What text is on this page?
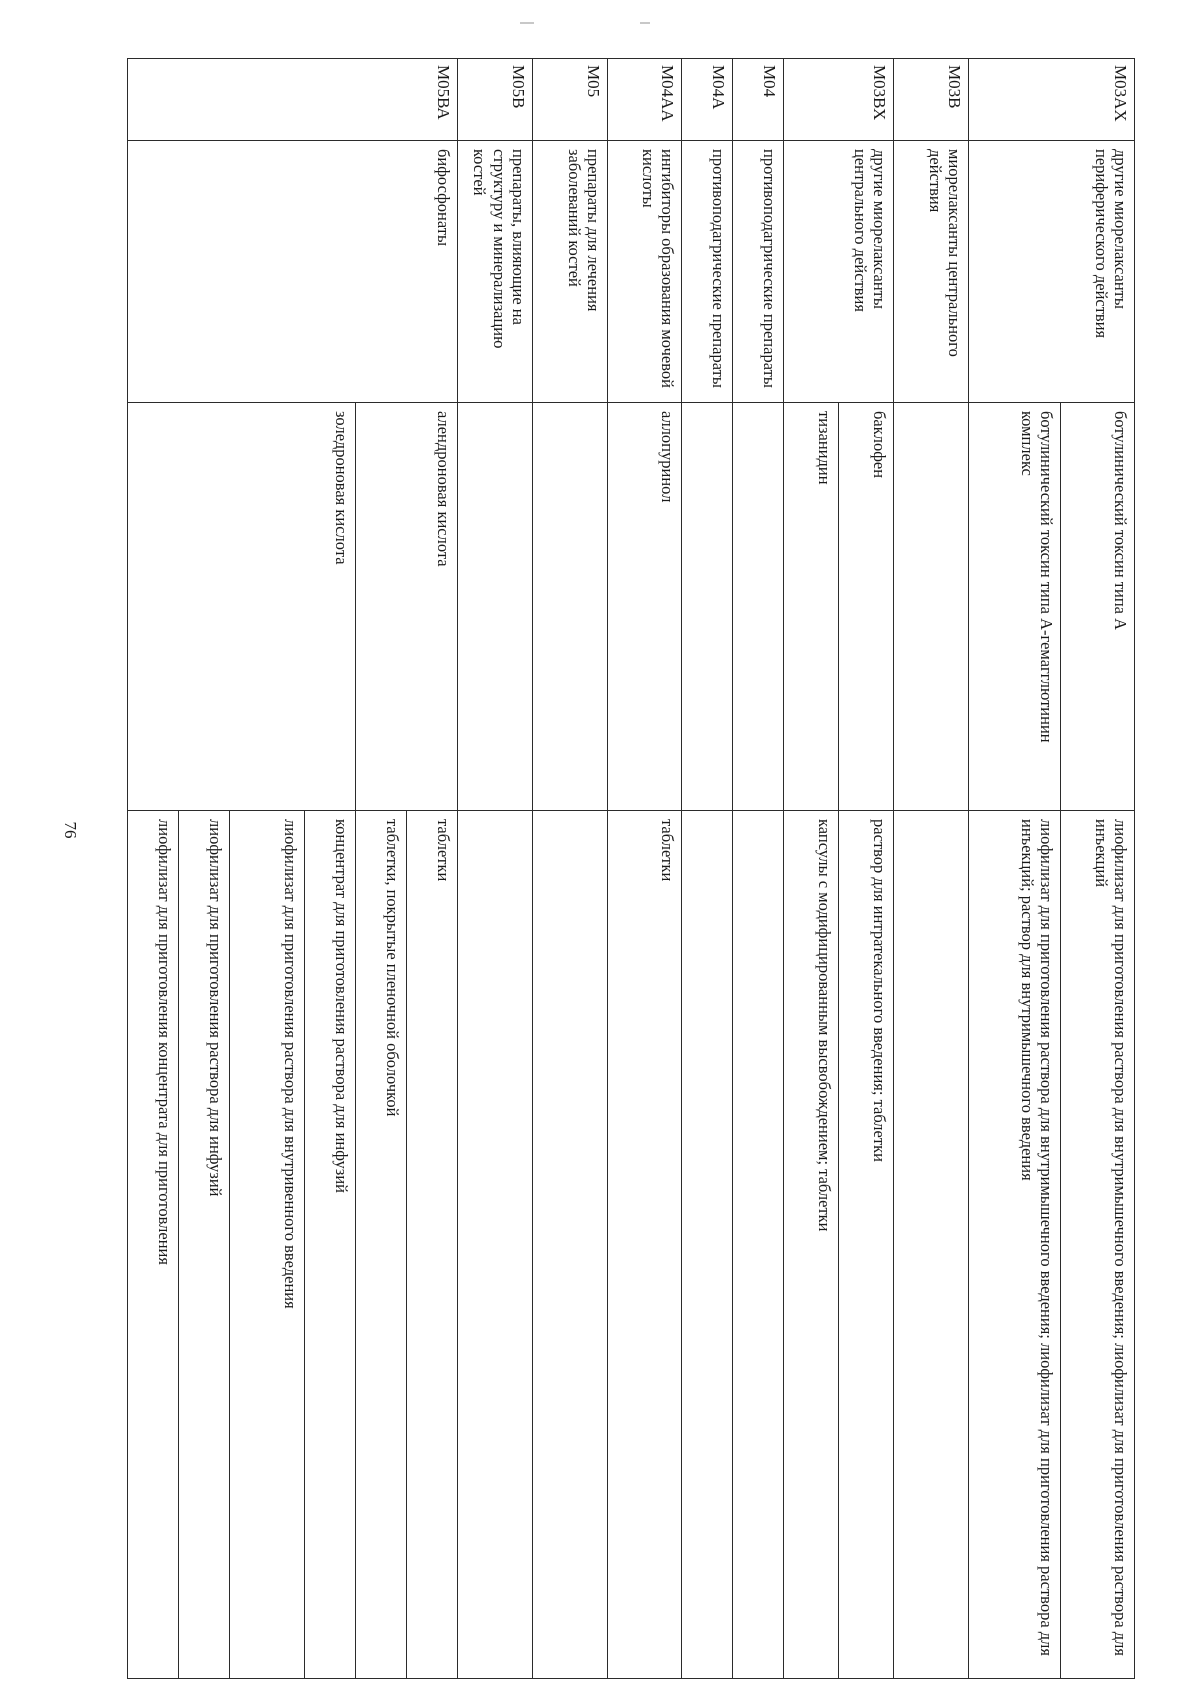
76
М03АХ	другие миорелаксанты периферического действия	ботулинический токсин типа А	лиофилизат для приготовления раствора для внутримышечного введения; лиофилизат для приготовления раствора для инъекций
		ботулинический токсин типа А-гемагглютинин комплекс	лиофилизат для приготовления раствора для внутримышечного введения; лиофилизат для приготовления раствора для инъекций; раствор для внутримышечного введения
М03В	миорелаксанты центрального действия		
М03ВХ	другие миорелаксанты центрального действия	баклофен	раствор для интратекального введения; таблетки
		тизанидин	капсулы с модифицированным высвобождением; таблетки
М04	противоподагрические препараты		
М04А	противоподагрические препараты		
М04АА	ингибиторы образования мочевой кислоты	аллопуринол	таблетки
М05	препараты для лечения заболеваний костей		
М05В	препараты, влияющие на структуру и минерализацию костей		
М05ВА	бифосфонаты	алендроновая кислота	таблетки
			таблетки, покрытые пленочной оболочкой
		золедроновая кислота	концентрат для приготовления раствора для инфузий
			лиофилизат для приготовления раствора для внутривенного введения
			лиофилизат для приготовления раствора для инфузий
			лиофилизат для приготовления концентрата для приготовления
